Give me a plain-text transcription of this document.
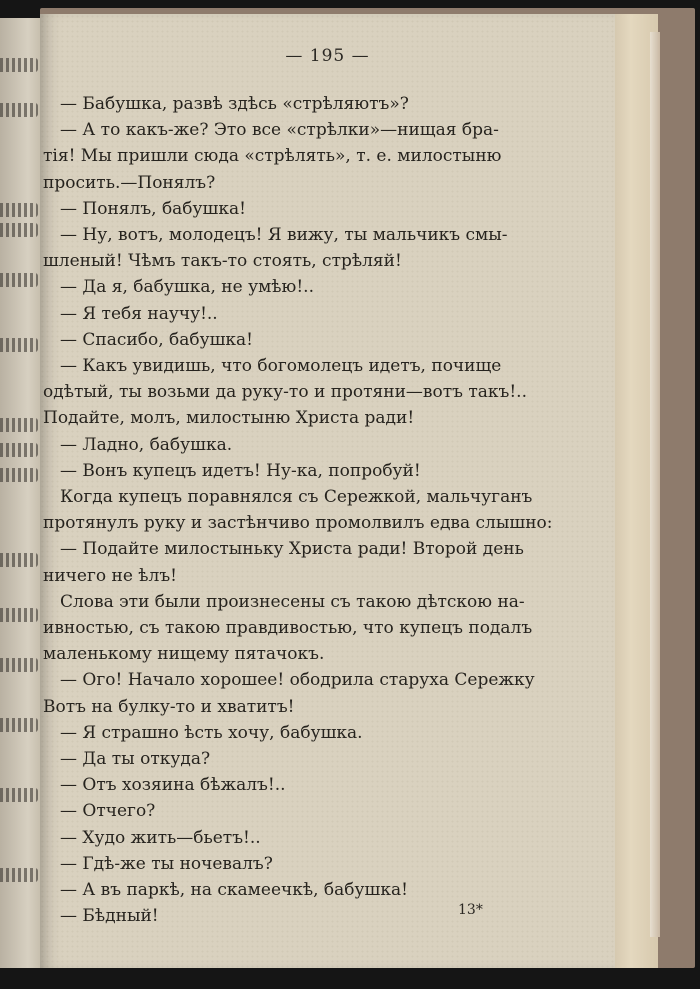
— 195 —
13*
— Бабушка, развѣ здѣсь «стрѣляютъ»?
— А то какъ-же? Это все «стрѣлки»—нищая бра-
тія! Мы пришли сюда «стрѣлять», т. е. милостыню
просить.—Понялъ?
— Понялъ, бабушка!
— Ну, вотъ, молодецъ! Я вижу, ты мальчикъ смы-
шленый! Чѣмъ такъ-то стоять, стрѣляй!
— Да я, бабушка, не умѣю!..
— Я тебя научу!..
— Спасибо, бабушка!
— Какъ увидишь, что богомолецъ идетъ, почище
одѣтый, ты возьми да руку-то и протяни—вотъ такъ!..
Подайте, молъ, милостыню Христа ради!
— Ладно, бабушка.
— Вонъ купецъ идетъ! Ну-ка, попробуй!
Когда купецъ поравнялся съ Сережкой, мальчуганъ
протянулъ руку и застѣнчиво промолвилъ едва слышно:
— Подайте милостыньку Христа ради! Второй день
ничего не ѣлъ!
Слова эти были произнесены съ такою дѣтскою на-
ивностью, съ такою правдивостью, что купецъ подалъ
маленькому нищему пятачокъ.
— Ого! Начало хорошее! ободрила старуха Сережку
Вотъ на булку-то и хватитъ!
— Я страшно ѣсть хочу, бабушка.
— Да ты откуда?
— Отъ хозяина бѣжалъ!..
— Отчего?
— Худо жить—бьетъ!..
— Гдѣ-же ты ночевалъ?
— А въ паркѣ, на скамеечкѣ, бабушка!
— Бѣдный!
